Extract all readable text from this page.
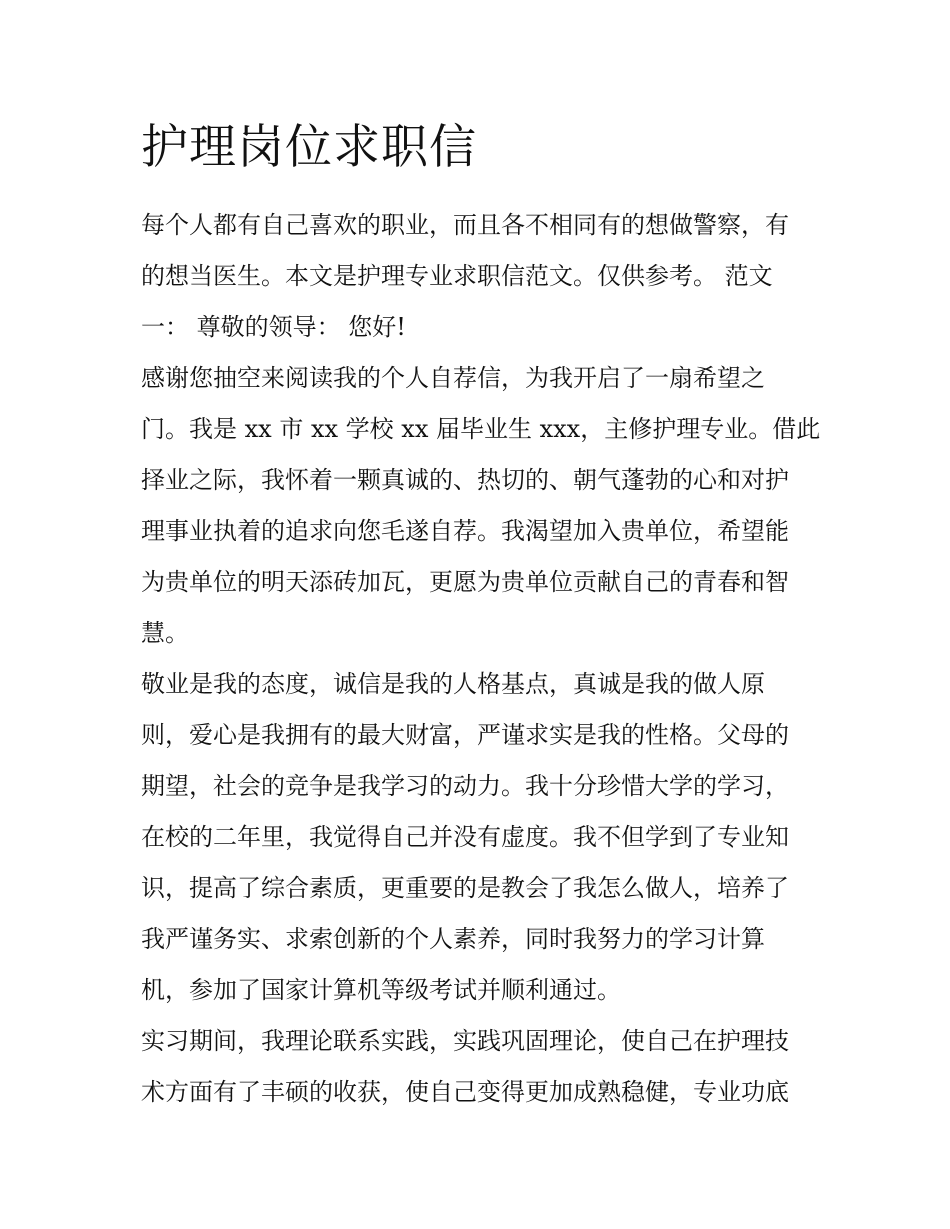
护理岗位求职信

每个人都有自己喜欢的职业，而且各不相同有的想做警察，有
的想当医生。本文是护理专业求职信范文。仅供参考。 范文
一： 尊敬的领导： 您好!

感谢您抽空来阅读我的个人自荐信，为我开启了一扇希望之
门。我是 xx 市 xx 学校 xx 届毕业生 xxx，主修护理专业。借此
择业之际，我怀着一颗真诚的、热切的、朝气蓬勃的心和对护
理事业执着的追求向您毛遂自荐。我渴望加入贵单位，希望能
为贵单位的明天添砖加瓦，更愿为贵单位贡献自己的青春和智
慧。

敬业是我的态度，诚信是我的人格基点，真诚是我的做人原
则，爱心是我拥有的最大财富，严谨求实是我的性格。父母的
期望，社会的竞争是我学习的动力。我十分珍惜大学的学习，
在校的二年里，我觉得自己并没有虚度。我不但学到了专业知
识，提高了综合素质，更重要的是教会了我怎么做人，培养了
我严谨务实、求索创新的个人素养，同时我努力的学习计算
机，参加了国家计算机等级考试并顺利通过。

实习期间，我理论联系实践，实践巩固理论，使自己在护理技
术方面有了丰硕的收获，使自己变得更加成熟稳健，专业功底
